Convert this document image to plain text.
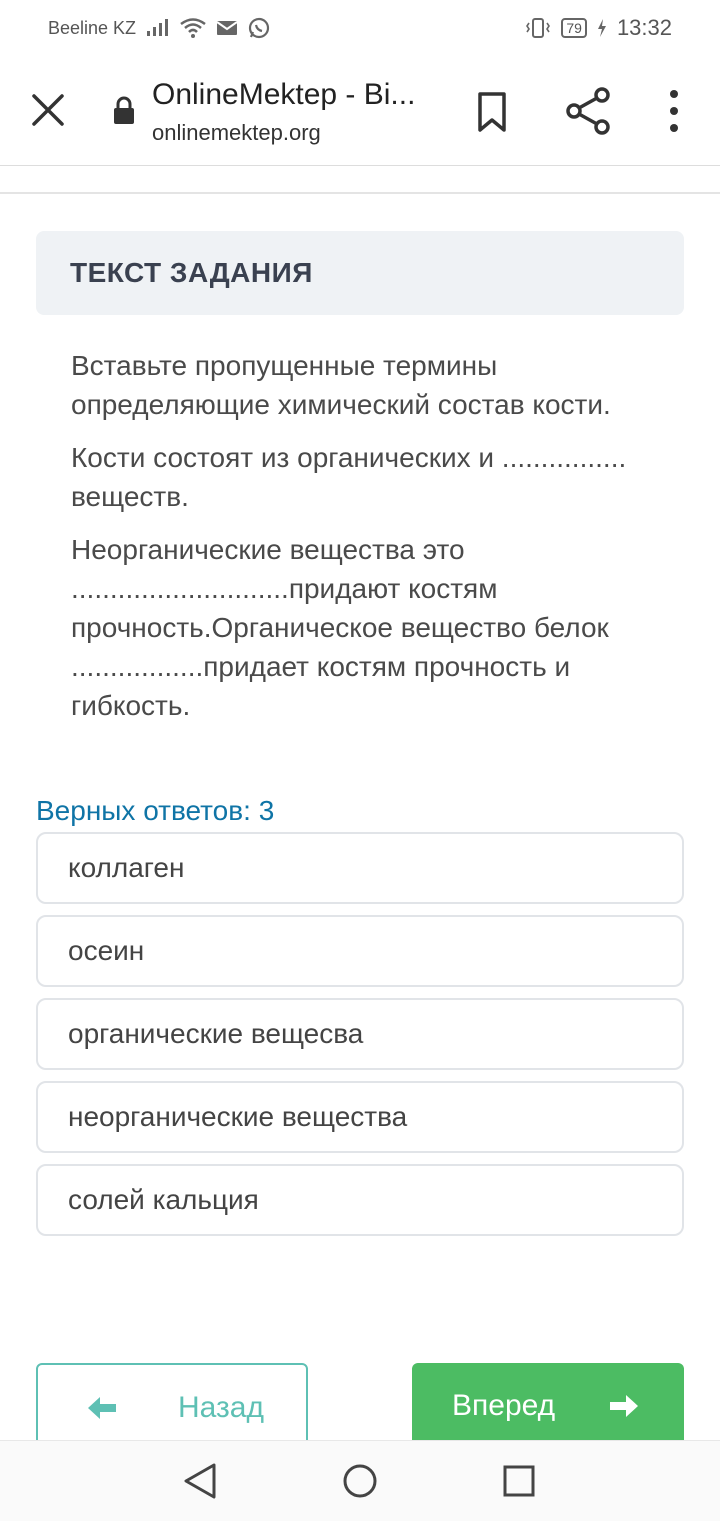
Beeline KZ	79 13:32
OnlineMektep - Bi...
onlinemektep.org
ТЕКСТ ЗАДАНИЯ

Вставьте пропущенные термины определяющие химический состав кости.

Кости состоят из органических и ................ веществ.

Неорганические вещества это ............................придают костям прочность.Органическое вещество белок .................придает костям прочность и гибкость.

Верных ответов: 3
коллаген
осеин
органические вещесва
неорганические вещества
солей кальция
Назад	Вперед
